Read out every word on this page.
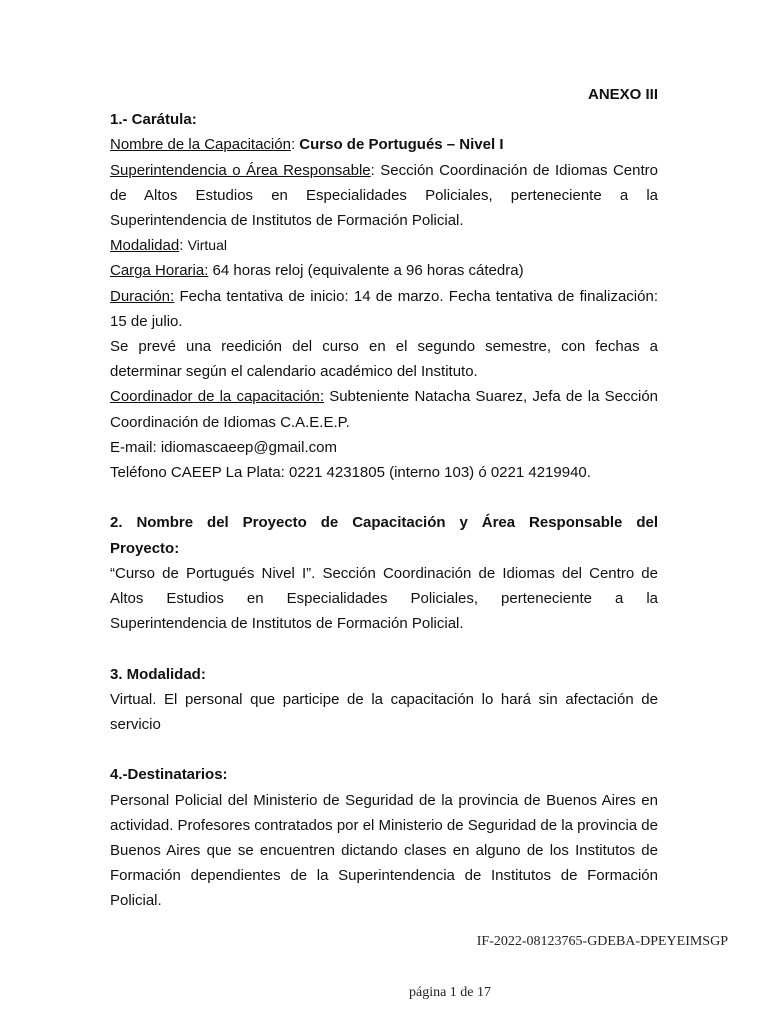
ANEXO III
1.- Carátula:
Nombre de la Capacitación: Curso de Portugués – Nivel I
Superintendencia o Área Responsable: Sección Coordinación de Idiomas Centro de Altos Estudios en Especialidades Policiales, perteneciente a la Superintendencia de Institutos de Formación Policial.
Modalidad: Virtual
Carga Horaria: 64 horas reloj (equivalente a 96 horas cátedra)
Duración: Fecha tentativa de inicio: 14 de marzo. Fecha tentativa de finalización: 15 de julio.
Se prevé una reedición del curso en el segundo semestre, con fechas a determinar según el calendario académico del Instituto.
Coordinador de la capacitación: Subteniente Natacha Suarez, Jefa de la Sección Coordinación de Idiomas C.A.E.E.P.
E-mail: idiomascaeep@gmail.com
Teléfono CAEEP La Plata: 0221 4231805 (interno 103) ó 0221 4219940.
2. Nombre del Proyecto de Capacitación y Área Responsable del
Proyecto:
“Curso de Portugués Nivel I”. Sección Coordinación de Idiomas del Centro de
Altos Estudios en Especialidades Policiales, perteneciente a la
Superintendencia de Institutos de Formación Policial.
3. Modalidad:
Virtual. El personal que participe de la capacitación lo hará sin afectación de servicio
4.-Destinatarios:
Personal Policial del Ministerio de Seguridad de la provincia de Buenos Aires en actividad. Profesores contratados por el Ministerio de Seguridad de la provincia de Buenos Aires que se encuentren dictando clases en alguno de los Institutos de Formación dependientes de la Superintendencia de Institutos de Formación Policial.
IF-2022-08123765-GDEBA-DPEYEIMSGP
página 1 de 17
